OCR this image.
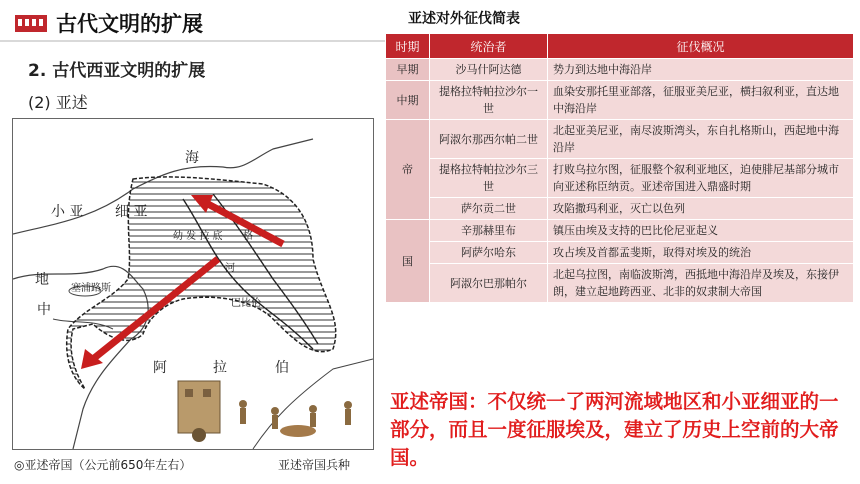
古代文明的扩展
2. 古代西亚文明的扩展
(2) 亚述
海
小 亚 细 亚
幼 发 拉 底 格
河
地
中
塞浦路斯
巴比伦
阿	拉	伯
◎亚述帝国（公元前650年左右）	亚述帝国兵种
亚述对外征伐简表
时期	统治者	征伐概况
早期	沙马什阿达德	势力到达地中海沿岸
中期	提格拉特帕拉沙尔一世	血染安那托里亚部落，征服亚美尼亚，横扫叙利亚，直达地中海沿岸
帝	阿淑尔那西尔帕二世	北起亚美尼亚，南尽波斯湾头，东自扎格斯山，西起地中海沿岸
	提格拉特帕拉沙尔三世	打败乌拉尔图，征服整个叙利亚地区，迫使腓尼基部分城市向亚述称臣纳贡。亚述帝国进入鼎盛时期
	萨尔贡二世	攻陷撒玛利亚，灭亡以色列
国	辛那赫里布	镇压由埃及支持的巴比伦尼亚起义
	阿萨尔哈东	攻占埃及首都孟斐斯，取得对埃及的统治
	阿淑尔巴那帕尔	北起乌拉图，南临波斯湾，西抵地中海沿岸及埃及，东接伊朗，建立起地跨西亚、北非的奴隶制大帝国
亚述帝国：不仅统一了两河流域地区和小亚细亚的一部分，而且一度征服埃及，建立了历史上空前的大帝国。
